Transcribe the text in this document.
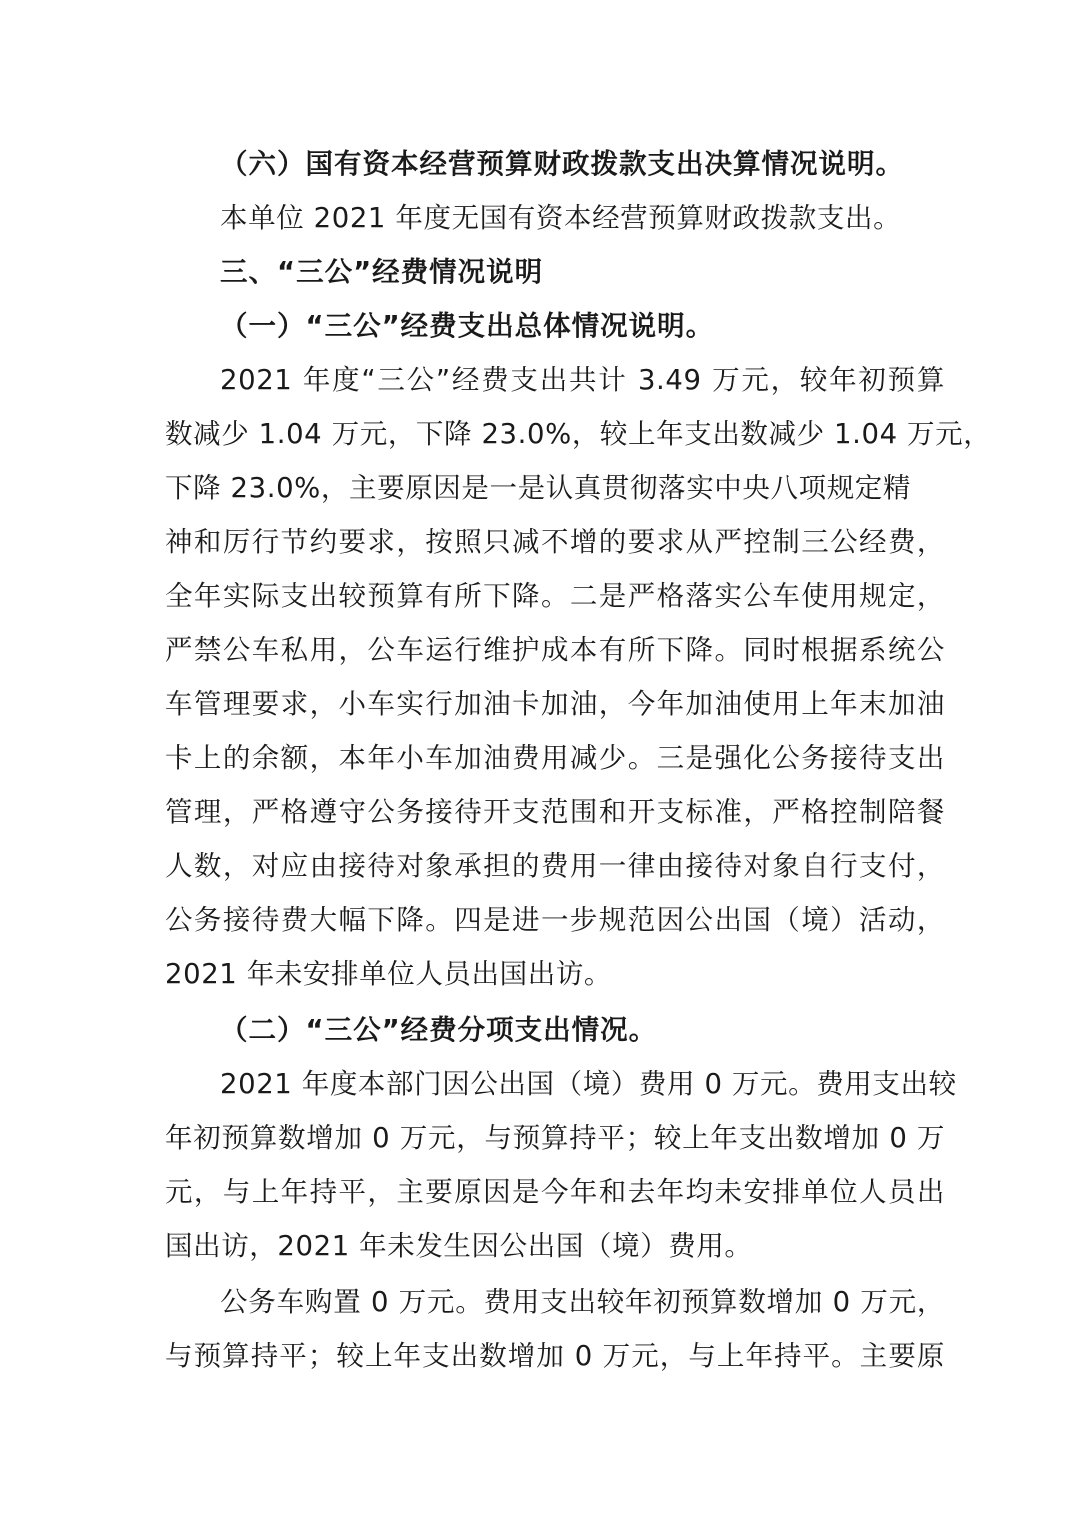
（六）国有资本经营预算财政拨款支出决算情况说明。
本单位 2021 年度无国有资本经营预算财政拨款支出。
三、“三公”经费情况说明
（一）“三公”经费支出总体情况说明。
2021 年度“三公”经费支出共计 3.49 万元，较年初预算
数减少 1.04 万元，下降 23.0%，较上年支出数减少 1.04 万元，
下降 23.0%，主要原因是一是认真贯彻落实中央八项规定精
神和厉行节约要求，按照只减不增的要求从严控制三公经费，
全年实际支出较预算有所下降。二是严格落实公车使用规定，
严禁公车私用，公车运行维护成本有所下降。同时根据系统公
车管理要求，小车实行加油卡加油，今年加油使用上年末加油
卡上的余额，本年小车加油费用减少。三是强化公务接待支出
管理，严格遵守公务接待开支范围和开支标准，严格控制陪餐
人数，对应由接待对象承担的费用一律由接待对象自行支付，
公务接待费大幅下降。四是进一步规范因公出国（境）活动，
2021 年未安排单位人员出国出访。
（二）“三公”经费分项支出情况。
2021 年度本部门因公出国（境）费用 0 万元。费用支出较
年初预算数增加 0 万元，与预算持平；较上年支出数增加 0 万
元，与上年持平，主要原因是今年和去年均未安排单位人员出
国出访，2021 年未发生因公出国（境）费用。
公务车购置 0 万元。费用支出较年初预算数增加 0 万元，
与预算持平；较上年支出数增加 0 万元，与上年持平。主要原
